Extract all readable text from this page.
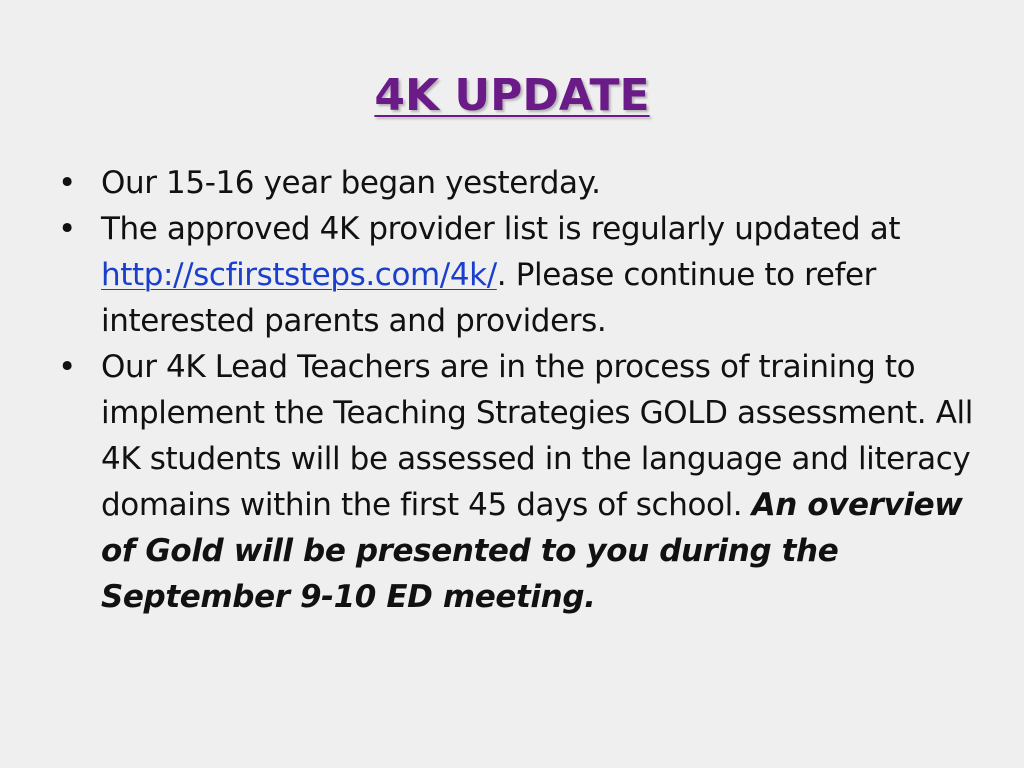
4K UPDATE
• Our 15-16 year began yesterday.
• The approved 4K provider list is regularly updated at http://scfirststeps.com/4k/. Please continue to refer interested parents and providers.
• Our 4K Lead Teachers are in the process of training to implement the Teaching Strategies GOLD assessment. All 4K students will be assessed in the language and literacy domains within the first 45 days of school. An overview of Gold will be presented to you during the September 9-10 ED meeting.
